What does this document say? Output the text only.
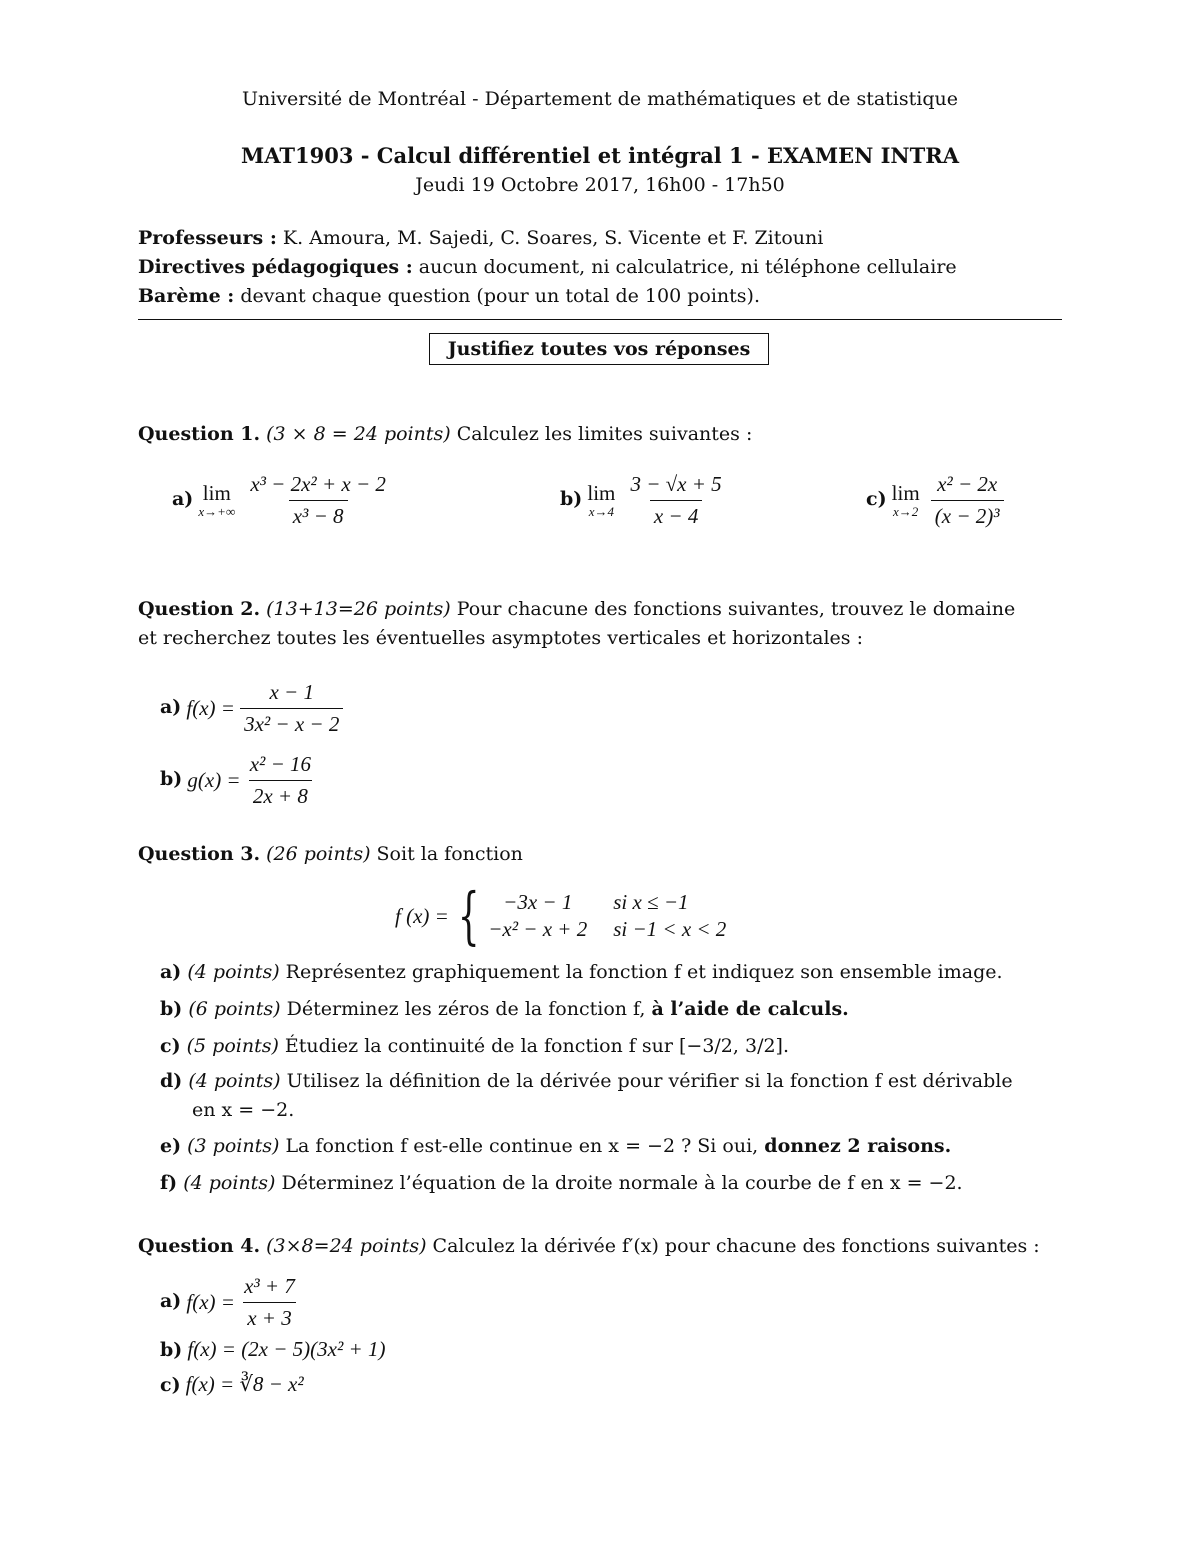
Université de Montréal - Département de mathématiques et de statistique
MAT1903 - Calcul différentiel et intégral 1 - EXAMEN INTRA
Jeudi 19 Octobre 2017, 16h00 - 17h50
Professeurs : K. Amoura, M. Sajedi, C. Soares, S. Vicente et F. Zitouni
Directives pédagogiques : aucun document, ni calculatrice, ni téléphone cellulaire
Barème : devant chaque question (pour un total de 100 points).
Justifiez toutes vos réponses
Question 1. (3 × 8 = 24 points) Calculez les limites suivantes :
a) lim
x→+∞
$\frac{\text{x³ − 2x² + x − 2}}{\text{x³ − 8}}$	b) lim
x→4
$\frac{3 - √x + 5}{x - 4}$	c) lim
x→2
$\frac{\text{x² − 2x}}{\text{(x − 2)³}}$
Question 2. (13+13=26 points) Pour chacune des fonctions suivantes, trouvez le domaine
et recherchez toutes les éventuelles asymptotes verticales et horizontales :
a) $f(x) = \frac{x - 1}{\text{3x² − x − 2}}$
b) $g(x) = \frac{\text{x² − 16}}{2x + 8}$
Question 3. (26 points) Soit la fonction
f (x) = {	−3x − 1	si x ≤ −1
−x² − x + 2 si −1 < x < 2
a) (4 points) Représentez graphiquement la fonction f et indiquez son ensemble image.
b) (6 points) Déterminez les zéros de la fonction f, à l’aide de calculs.
c) (5 points) Étudiez la continuité de la fonction f sur [−3/2, 3/2].
d) (4 points) Utilisez la définition de la dérivée pour vérifier si la fonction f est dérivable
en x = −2.
e) (3 points) La fonction f est-elle continue en x = −2 ? Si oui, donnez 2 raisons.
f) (4 points) Déterminez l’équation de la droite normale à la courbe de f en x = −2.
Question 4. (3×8=24 points) Calculez la dérivée f′(x) pour chacune des fonctions suivantes :
a) $f(x) = \frac{\text{x³ + 7}}{x + 3}$
b) f(x) = (2x − 5)(3x² + 1)
c) f(x) = ∛8 − x²
